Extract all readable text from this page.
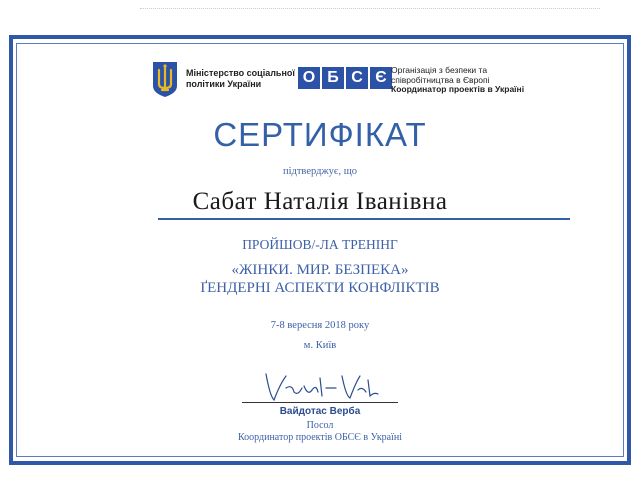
Міністерство соціальної
політики України	О Б С Є Організація з безпеки та
співробітництва в Європі
Координатор проектів в Україні
СЕРТИФІКАТ
підтверджує, що
Сабат Наталія Іванівна
ПРОЙШОВ/-ЛА ТРЕНІНГ
«ЖІНКИ. МИР. БЕЗПЕКА»
ҐЕНДЕРНІ АСПЕКТИ КОНФЛІКТІВ
7-8 вересня 2018 року
м. Київ
Вайдотас Верба
Посол
Координатор проектів ОБСЄ в Україні
